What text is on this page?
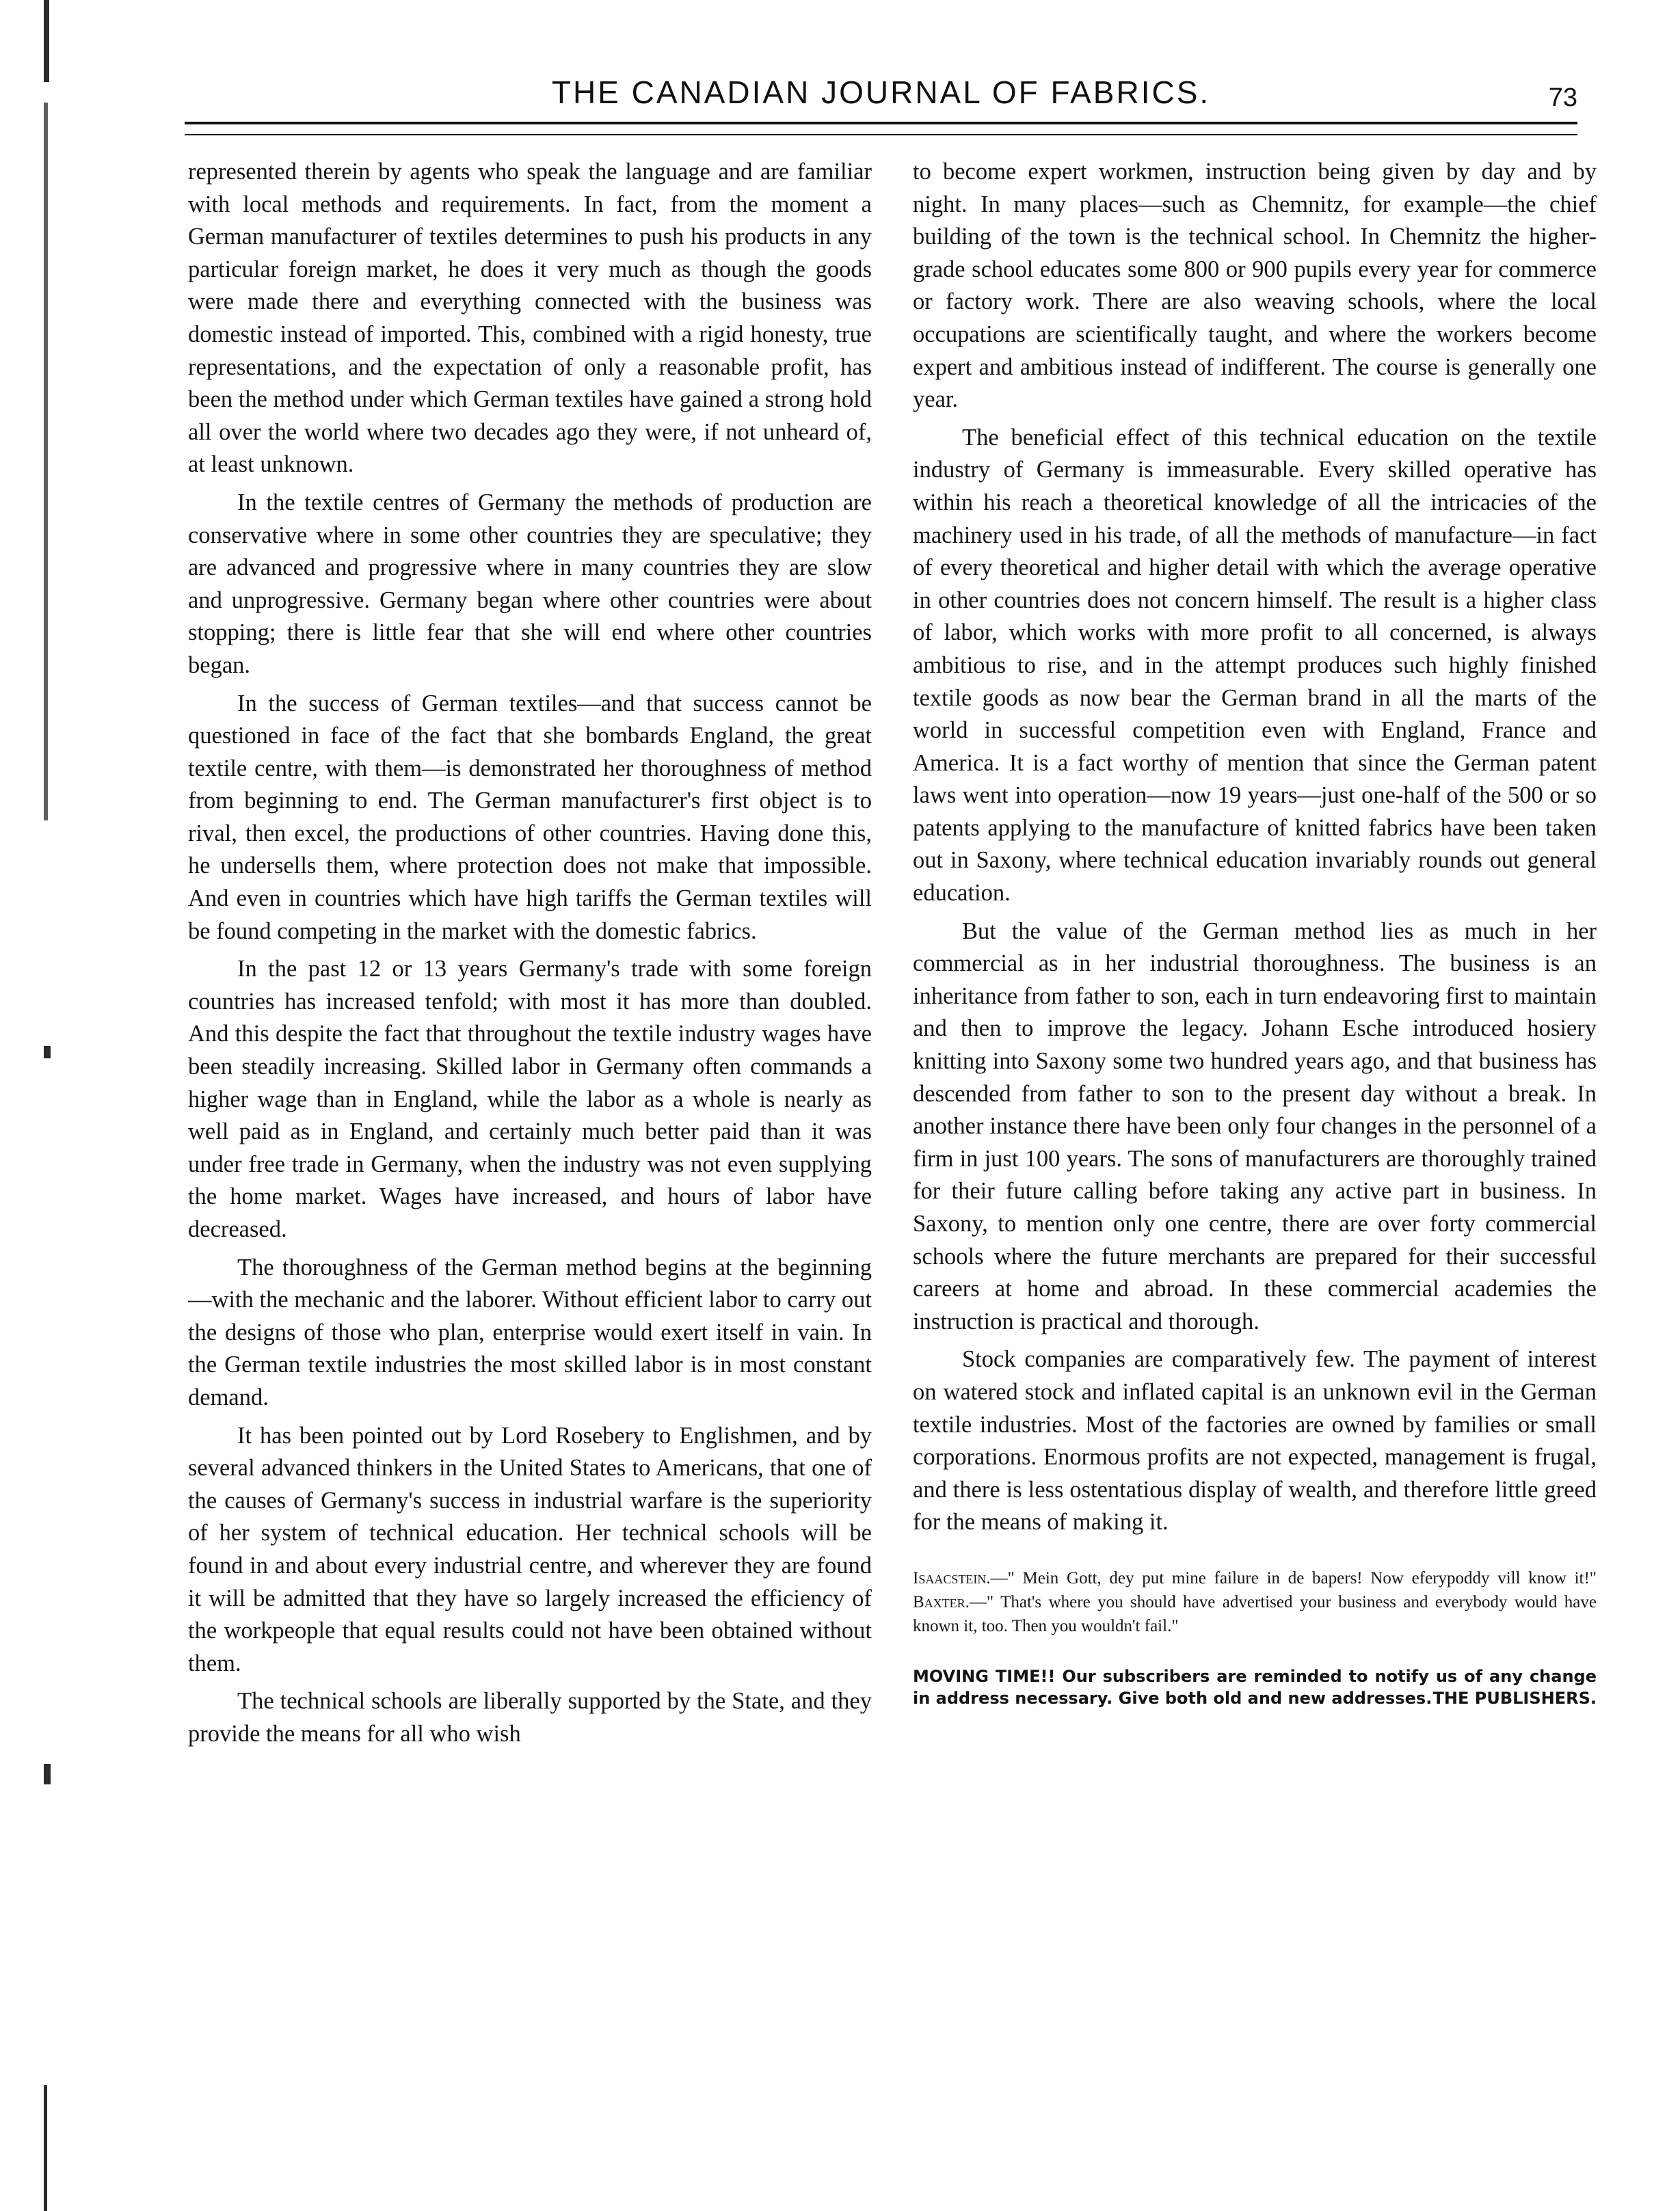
THE CANADIAN JOURNAL OF FABRICS.	73

represented therein by agents who speak the language and are familiar with local methods and requirements. In fact, from the moment a German manufacturer of textiles determines to push his products in any particular foreign market, he does it very much as though the goods were made there and everything connected with the business was domestic instead of imported. This, combined with a rigid honesty, true representations, and the expectation of only a reasonable profit, has been the method under which German textiles have gained a strong hold all over the world where two decades ago they were, if not unheard of, at least unknown.

In the textile centres of Germany the methods of production are conservative where in some other countries they are speculative; they are advanced and progressive where in many countries they are slow and unprogressive. Germany began where other countries were about stopping; there is little fear that she will end where other countries began.

In the success of German textiles—and that success cannot be questioned in face of the fact that she bombards England, the great textile centre, with them—is demonstrated her thoroughness of method from beginning to end. The German manufacturer's first object is to rival, then excel, the productions of other countries. Having done this, he undersells them, where protection does not make that impossible. And even in countries which have high tariffs the German textiles will be found competing in the market with the domestic fabrics.

In the past 12 or 13 years Germany's trade with some foreign countries has increased tenfold; with most it has more than doubled. And this despite the fact that throughout the textile industry wages have been steadily increasing. Skilled labor in Germany often commands a higher wage than in England, while the labor as a whole is nearly as well paid as in England, and certainly much better paid than it was under free trade in Germany, when the industry was not even supplying the home market. Wages have increased, and hours of labor have decreased.

The thoroughness of the German method begins at the beginning—with the mechanic and the laborer. Without efficient labor to carry out the designs of those who plan, enterprise would exert itself in vain. In the German textile industries the most skilled labor is in most constant demand.

It has been pointed out by Lord Rosebery to Englishmen, and by several advanced thinkers in the United States to Americans, that one of the causes of Germany's success in industrial warfare is the superiority of her system of technical education. Her technical schools will be found in and about every industrial centre, and wherever they are found it will be admitted that they have so largely increased the efficiency of the workpeople that equal results could not have been obtained without them.

The technical schools are liberally supported by the State, and they provide the means for all who wish

to become expert workmen, instruction being given by day and by night. In many places—such as Chemnitz, for example—the chief building of the town is the technical school. In Chemnitz the higher-grade school educates some 800 or 900 pupils every year for commerce or factory work. There are also weaving schools, where the local occupations are scientifically taught, and where the workers become expert and ambitious instead of indifferent. The course is generally one year.

The beneficial effect of this technical education on the textile industry of Germany is immeasurable. Every skilled operative has within his reach a theoretical knowledge of all the intricacies of the machinery used in his trade, of all the methods of manufacture—in fact of every theoretical and higher detail with which the average operative in other countries does not concern himself. The result is a higher class of labor, which works with more profit to all concerned, is always ambitious to rise, and in the attempt produces such highly finished textile goods as now bear the German brand in all the marts of the world in successful competition even with England, France and America. It is a fact worthy of mention that since the German patent laws went into operation—now 19 years—just one-half of the 500 or so patents applying to the manufacture of knitted fabrics have been taken out in Saxony, where technical education invariably rounds out general education.

But the value of the German method lies as much in her commercial as in her industrial thoroughness. The business is an inheritance from father to son, each in turn endeavoring first to maintain and then to improve the legacy. Johann Esche introduced hosiery knitting into Saxony some two hundred years ago, and that business has descended from father to son to the present day without a break. In another instance there have been only four changes in the personnel of a firm in just 100 years. The sons of manufacturers are thoroughly trained for their future calling before taking any active part in business. In Saxony, to mention only one centre, there are over forty commercial schools where the future merchants are prepared for their successful careers at home and abroad. In these commercial academies the instruction is practical and thorough.

Stock companies are comparatively few. The payment of interest on watered stock and inflated capital is an unknown evil in the German textile industries. Most of the factories are owned by families or small corporations. Enormous profits are not expected, management is frugal, and there is less ostentatious display of wealth, and therefore little greed for the means of making it.

Isaacstein.—" Mein Gott, dey put mine failure in de bapers! Now eferypoddy vill know it!" Baxter.—" That's where you should have advertised your business and everybody would have known it, too. Then you wouldn't fail."
MOVING TIME!! Our subscribers are reminded to notify us of any change in address necessary. Give both old and new addresses. THE PUBLISHERS.
